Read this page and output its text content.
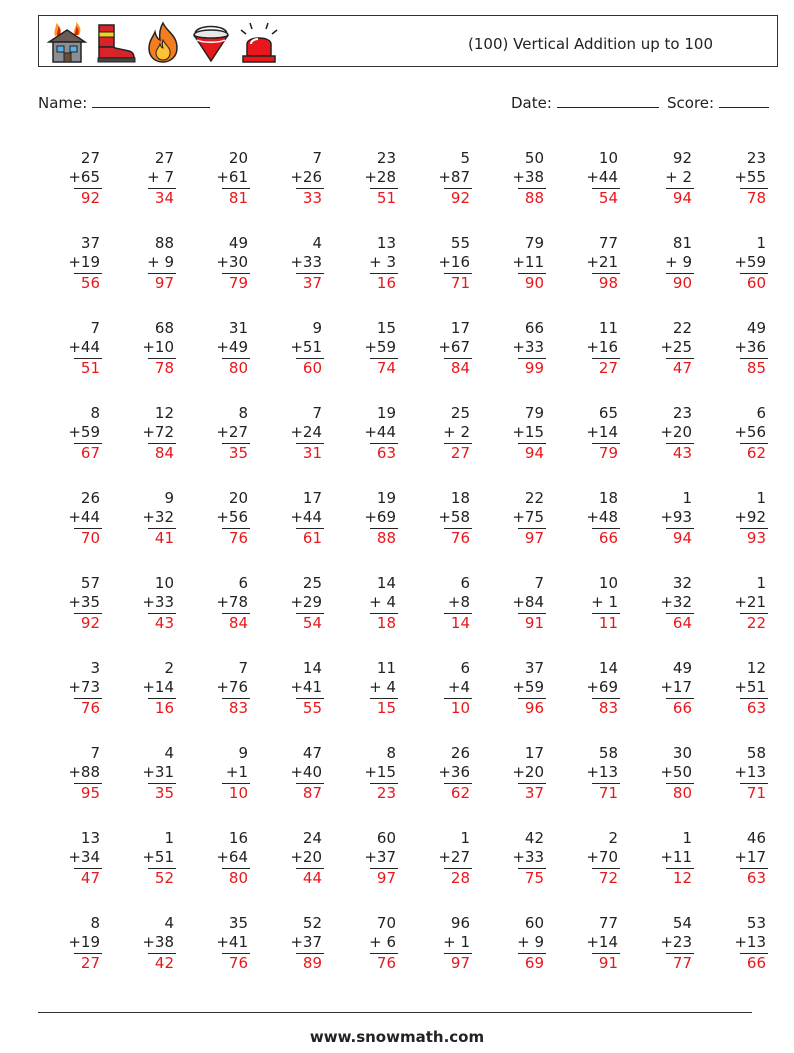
(100) Vertical Addition up to 100
Name:	Date:	Score:
27
+65
92
27
+ 7
34
20
+61
81
7
+26
33
23
+28
51
5
+87
92
50
+38
88
10
+44
54
92
+ 2
94
23
+55
78
37
+19
56
88
+ 9
97
49
+30
79
4
+33
37
13
+ 3
16
55
+16
71
79
+11
90
77
+21
98
81
+ 9
90
1
+59
60
7
+44
51
68
+10
78
31
+49
80
9
+51
60
15
+59
74
17
+67
84
66
+33
99
11
+16
27
22
+25
47
49
+36
85
8
+59
67
12
+72
84
8
+27
35
7
+24
31
19
+44
63
25
+ 2
27
79
+15
94
65
+14
79
23
+20
43
6
+56
62
26
+44
70
9
+32
41
20
+56
76
17
+44
61
19
+69
88
18
+58
76
22
+75
97
18
+48
66
1
+93
94
1
+92
93
57
+35
92
10
+33
43
6
+78
84
25
+29
54
14
+ 4
18
6
+8
14
7
+84
91
10
+ 1
11
32
+32
64
1
+21
22
3
+73
76
2
+14
16
7
+76
83
14
+41
55
11
+ 4
15
6
+4
10
37
+59
96
14
+69
83
49
+17
66
12
+51
63
7
+88
95
4
+31
35
9
+1
10
47
+40
87
8
+15
23
26
+36
62
17
+20
37
58
+13
71
30
+50
80
58
+13
71
13
+34
47
1
+51
52
16
+64
80
24
+20
44
60
+37
97
1
+27
28
42
+33
75
2
+70
72
1
+11
12
46
+17
63
8
+19
27
4
+38
42
35
+41
76
52
+37
89
70
+ 6
76
96
+ 1
97
60
+ 9
69
77
+14
91
54
+23
77
53
+13
66
www.snowmath.com
